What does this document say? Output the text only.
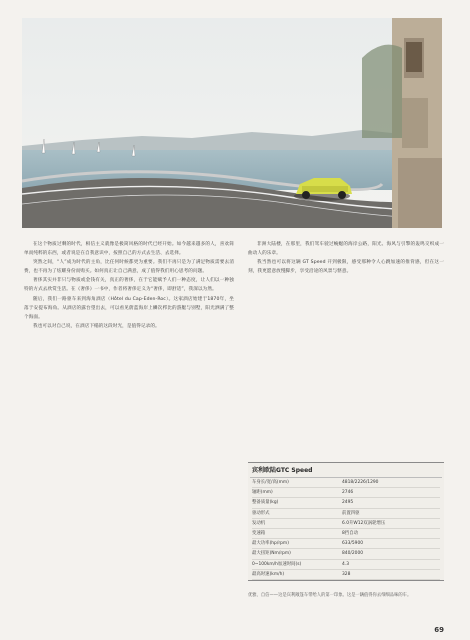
在这个物质过剩的时代，相信主义就像是极简风格的时代已经开始。如今越来越多的人，喜欢简单而纯粹的东西，或者说是在自我意识中，按照自己的方式去生活、去选择。

突然之间，“人”成为时代的主角，比任何时候都更为重要。我们不再只是为了满足物质需要去消费，也不再为了炫耀身份而购买。如何真正让自己满意，成了值得我们用心思考的问题。

奢侈其实并非只与物质或金钱有关，真正的奢侈，在于它能赋予人们一种态度，让人们以一种独特的方式去欣赏生活。在《奢侈》一书中，作者将奢侈定义为“奢侈，即舒适”，我深以为然。

随后，我们一路驱车来到海角酒店（Hôtel du Cap-Eden-Roc）。这家酒店始建于1870年，坐落于安提布海角。从酒店的露台望出去，可以看见蔚蓝海岸上鳞次栉比的游艇与别墅，阳光洒满了整个海面。

我也可以对自己说，在酒店下榻的这段时光，是值得记录的。

非洲大陆楼，在那里，我们驾车驶过蜿蜒的海岸公路，阳光、海风与引擎的轰鸣交织成一曲动人的乐章。

我当然也可以将这辆 GT Speed 开到极限，感受那种令人心跳加速的推背感，但在这一刻，我更愿意放慢脚步，享受沿途的风景与惬意。

宾利欧陆GTC Speed
车身长/宽/高(mm)	4818/2226/1290
轴距(mm)	2746
整备质量(kg)	2495
驱动形式	前置四驱
发动机	6.0升W12双涡轮增压
变速箱	8挡自动
最大功率(hp/rpm)	633/5900
最大扭矩(Nm/rpm)	840/2000
0~100km/h加速时间(s)	4.3
最高时速(km/h)	328
优雅、自信——这是宾利敞篷车带给人的第一印象。这是一辆值得你去细细品味的车。
69
